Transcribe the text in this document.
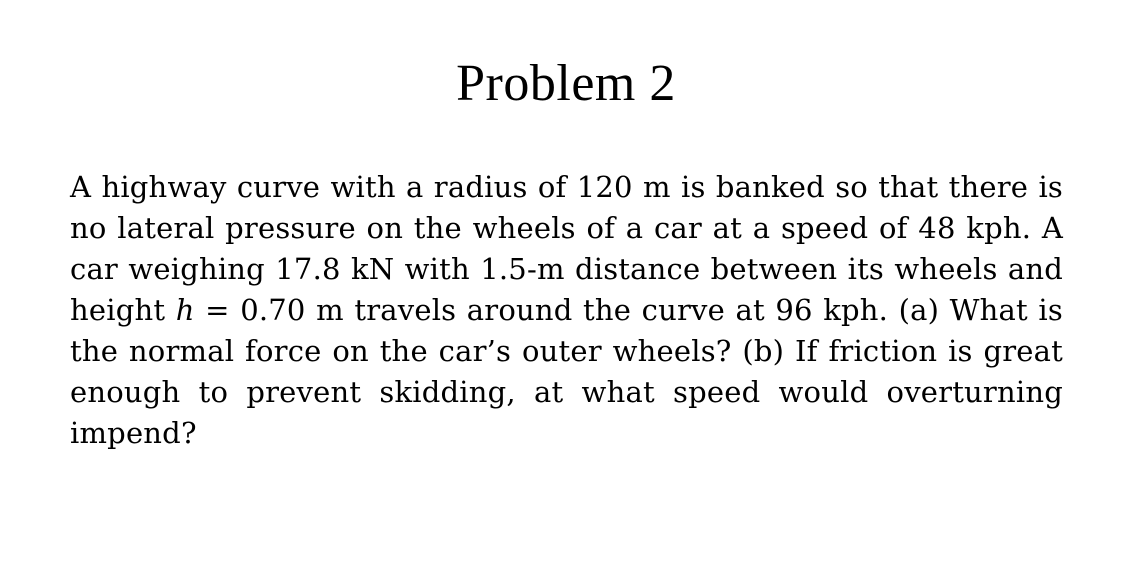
Problem 2

A highway curve with a radius of 120 m is banked so that there is no lateral pressure on the wheels of a car at a speed of 48 kph. A car weighing 17.8 kN with 1.5-m distance between its wheels and height h = 0.70 m travels around the curve at 96 kph. (a) What is the normal force on the car’s outer wheels? (b) If friction is great enough to prevent skidding, at what speed would overturning impend?
